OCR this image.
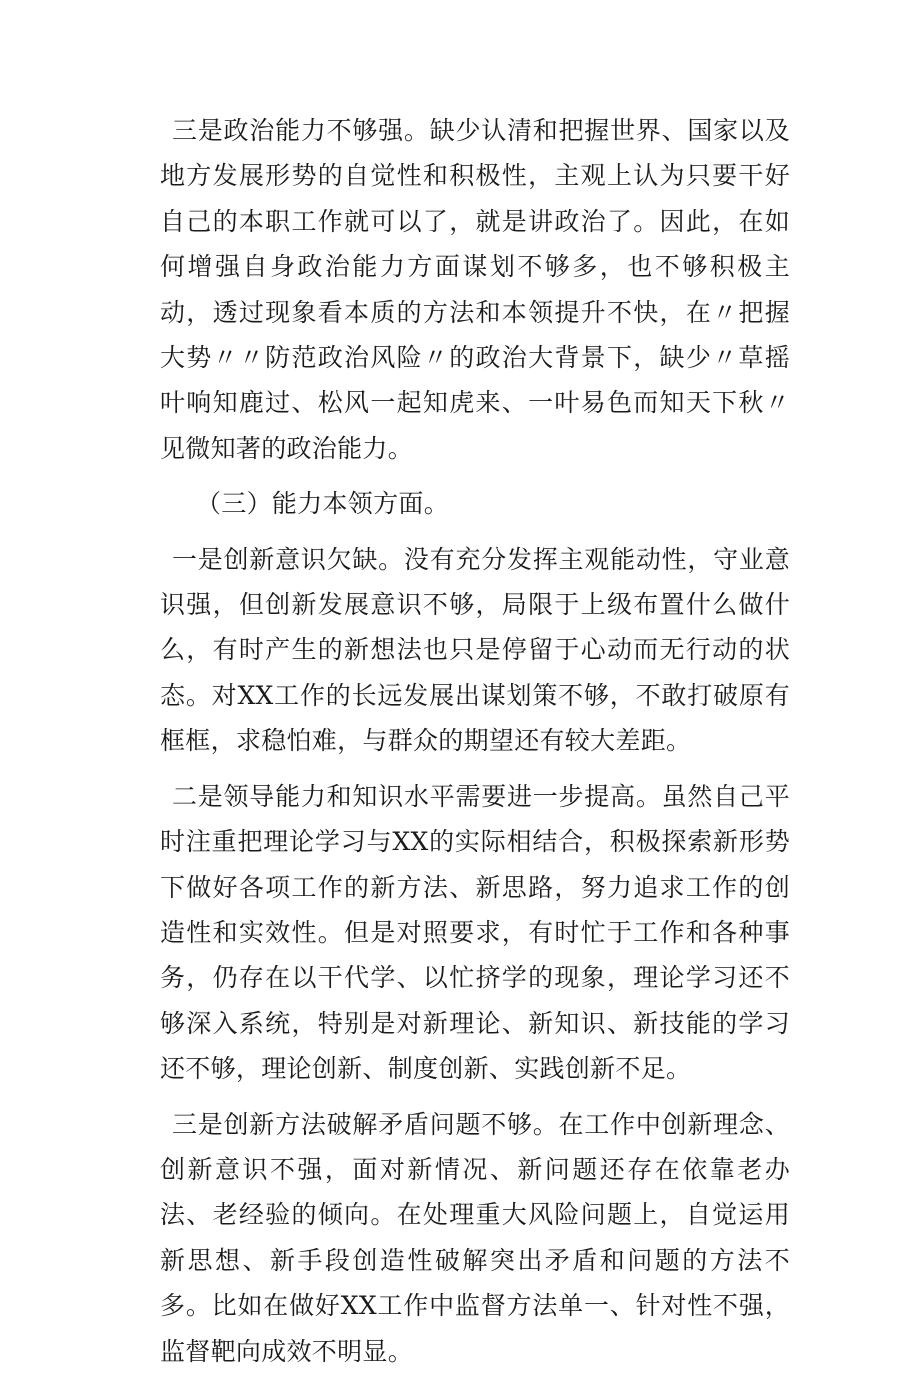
三是政治能力不够强。缺少认清和把握世界、国家以及地方发展形势的自觉性和积极性，主观上认为只要干好自己的本职工作就可以了，就是讲政治了。因此，在如何增强自身政治能力方面谋划不够多，也不够积极主动，透过现象看本质的方法和本领提升不快，在〃把握大势〃〃防范政治风险〃的政治大背景下，缺少〃草摇叶响知鹿过、松风一起知虎来、一叶易色而知天下秋〃见微知著的政治能力。

（三）能力本领方面。

一是创新意识欠缺。没有充分发挥主观能动性，守业意识强，但创新发展意识不够，局限于上级布置什么做什么，有时产生的新想法也只是停留于心动而无行动的状态。对XX工作的长远发展出谋划策不够，不敢打破原有框框，求稳怕难，与群众的期望还有较大差距。

二是领导能力和知识水平需要进一步提高。虽然自己平时注重把理论学习与XX的实际相结合，积极探索新形势下做好各项工作的新方法、新思路，努力追求工作的创造性和实效性。但是对照要求，有时忙于工作和各种事务，仍存在以干代学、以忙挤学的现象，理论学习还不够深入系统，特别是对新理论、新知识、新技能的学习还不够，理论创新、制度创新、实践创新不足。

三是创新方法破解矛盾问题不够。在工作中创新理念、创新意识不强，面对新情况、新问题还存在依靠老办法、老经验的倾向。在处理重大风险问题上，自觉运用新思想、新手段创造性破解突出矛盾和问题的方法不多。比如在做好XX工作中监督方法单一、针对性不强，监督靶向成效不明显。
